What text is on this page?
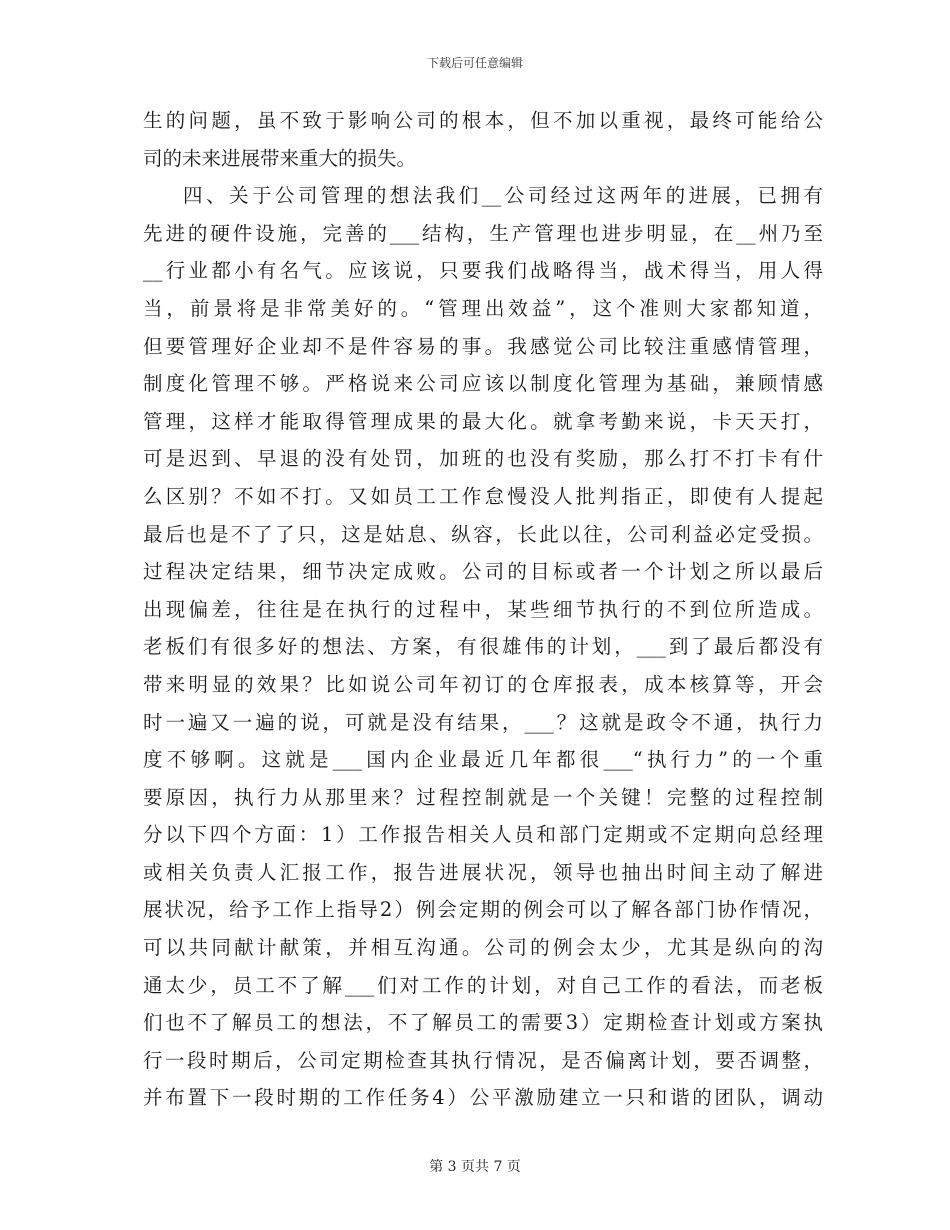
下载后可任意编辑
生的问题，虽不致于影响公司的根本，但不加以重视，最终可能给公
司的未来进展带来重大的损失。
四、关于公司管理的想法我们__公司经过这两年的进展，已拥有
先进的硬件设施，完善的___结构，生产管理也进步明显，在__州乃至
__行业都小有名气。应该说，只要我们战略得当，战术得当，用人得
当，前景将是非常美好的。“管理出效益”，这个准则大家都知道，
但要管理好企业却不是件容易的事。我感觉公司比较注重感情管理，
制度化管理不够。严格说来公司应该以制度化管理为基础，兼顾情感
管理，这样才能取得管理成果的最大化。就拿考勤来说，卡天天打，
可是迟到、早退的没有处罚，加班的也没有奖励，那么打不打卡有什
么区别？不如不打。又如员工工作怠慢没人批判指正，即使有人提起
最后也是不了了只，这是姑息、纵容，长此以往，公司利益必定受损。
过程决定结果，细节决定成败。公司的目标或者一个计划之所以最后
出现偏差，往往是在执行的过程中，某些细节执行的不到位所造成。
老板们有很多好的想法、方案，有很雄伟的计划，___到了最后都没有
带来明显的效果？比如说公司年初订的仓库报表，成本核算等，开会
时一遍又一遍的说，可就是没有结果，___？这就是政令不通，执行力
度不够啊。这就是___国内企业最近几年都很___“执行力”的一个重
要原因，执行力从那里来？过程控制就是一个关键！完整的过程控制
分以下四个方面：1）工作报告相关人员和部门定期或不定期向总经理
或相关负责人汇报工作，报告进展状况，领导也抽出时间主动了解进
展状况，给予工作上指导2）例会定期的例会可以了解各部门协作情况，
可以共同献计献策，并相互沟通。公司的例会太少，尤其是纵向的沟
通太少，员工不了解___们对工作的计划，对自己工作的看法，而老板
们也不了解员工的想法，不了解员工的需要3）定期检查计划或方案执
行一段时期后，公司定期检查其执行情况，是否偏离计划，要否调整，
并布置下一段时期的工作任务4）公平激励建立一只和谐的团队，调动
第 3 页共 7 页
